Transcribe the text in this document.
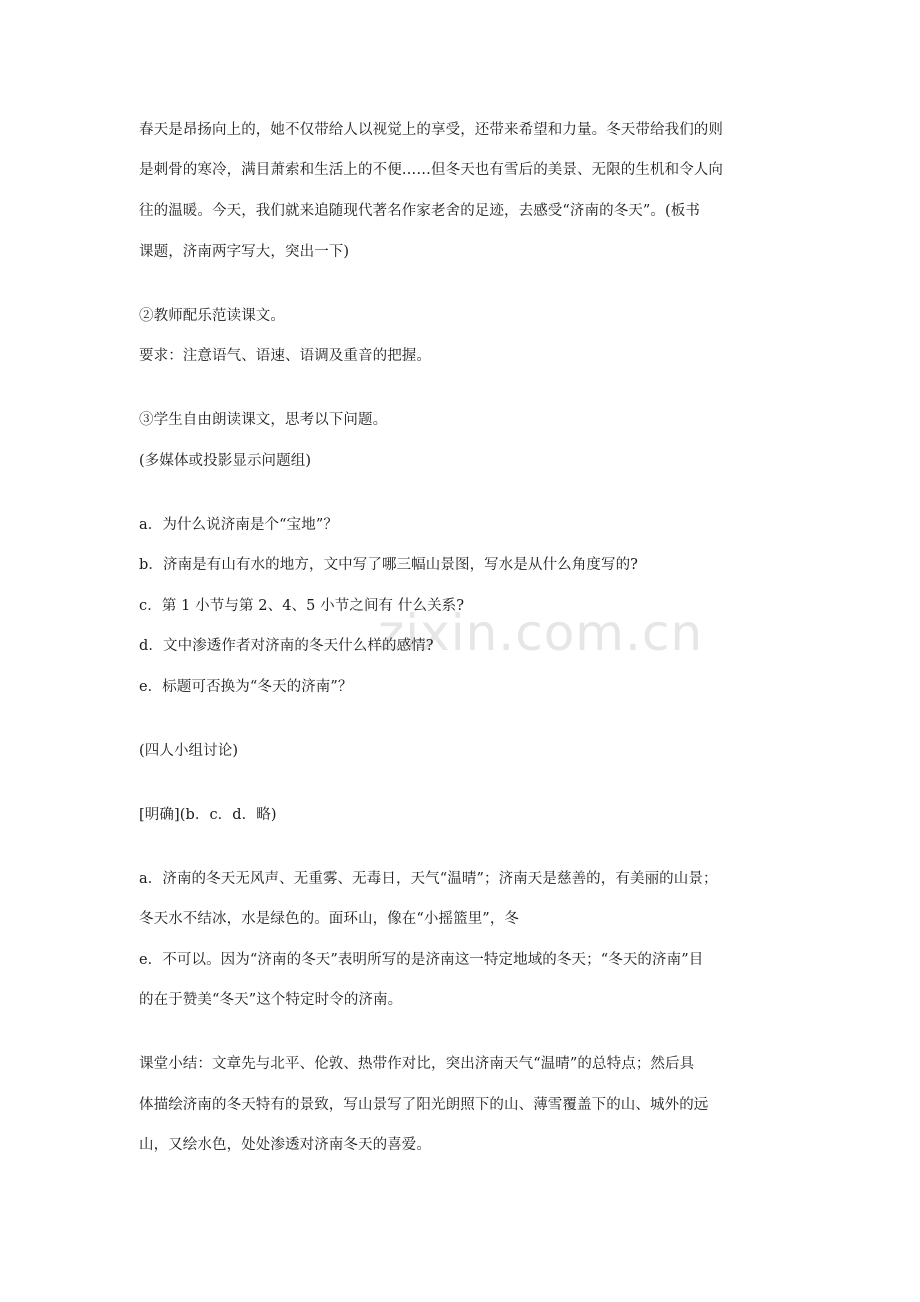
zixin.com.cn
春天是昂扬向上的，她不仅带给人以视觉上的享受，还带来希望和力量。冬天带给我们的则
是刺骨的寒冷，满目萧索和生活上的不便……但冬天也有雪后的美景、无限的生机和令人向
往的温暖。今天，我们就来追随现代著名作家老舍的足迹，去感受“济南的冬天”。(板书
课题，济南两字写大，突出一下)
②教师配乐范读课文。
要求：注意语气、语速、语调及重音的把握。
③学生自由朗读课文，思考以下问题。
(多媒体或投影显示问题组)
a．为什么说济南是个“宝地”？
b．济南是有山有水的地方，文中写了哪三幅山景图，写水是从什么角度写的?
c．第 1 小节与第 2、4、5 小节之间有 什么关系?
d．文中渗透作者对济南的冬天什么样的感情?
e．标题可否换为“冬天的济南”？
(四人小组讨论)
[明确](b．c．d．略)
a．济南的冬天无风声、无重雾、无毒日，天气“温晴”；济南天是慈善的，有美丽的山景；
冬天水不结冰，水是绿色的。面环山，像在“小摇篮里”，冬
e．不可以。因为“济南的冬天”表明所写的是济南这一特定地域的冬天；“冬天的济南”目
的在于赞美“冬天”这个特定时令的济南。
课堂小结：文章先与北平、伦敦、热带作对比，突出济南天气“温晴”的总特点；然后具
体描绘济南的冬天特有的景致，写山景写了阳光朗照下的山、薄雪覆盖下的山、城外的远
山，又绘水色，处处渗透对济南冬天的喜爱。
